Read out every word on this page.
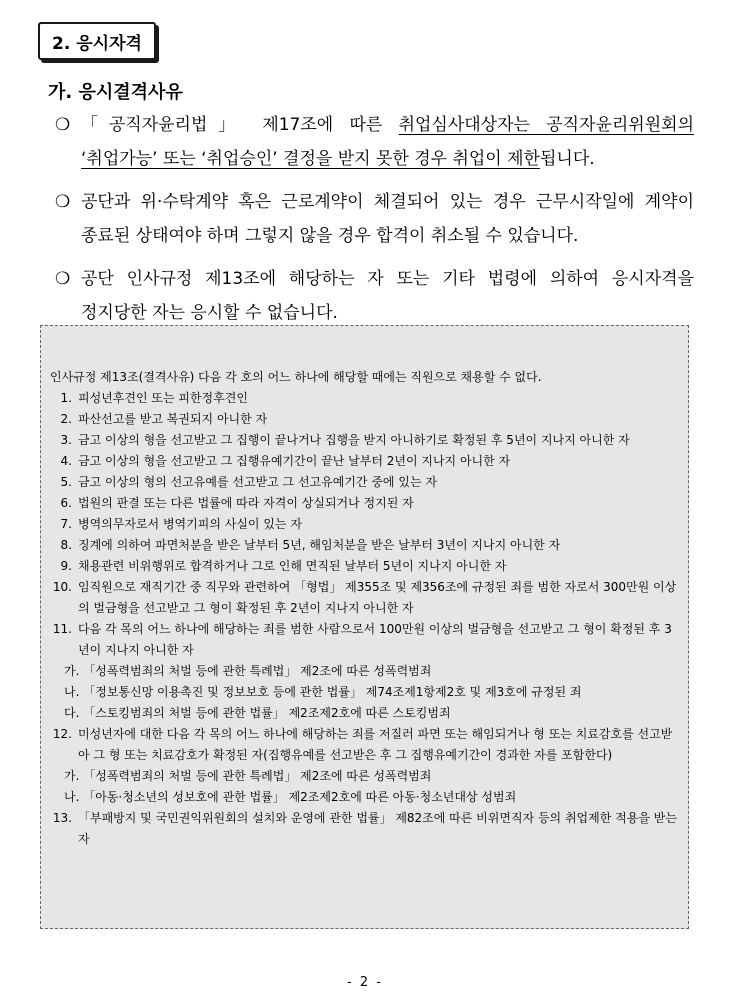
2. 응시자격
가. 응시결격사유
❍ 「공직자윤리법」 제17조에 따른 취업심사대상자는 공직자윤리위원회의 ‘취업가능’ 또는 ‘취업승인’ 결정을 받지 못한 경우 취업이 제한됩니다.
❍ 공단과 위·수탁계약 혹은 근로계약이 체결되어 있는 경우 근무시작일에 계약이 종료된 상태여야 하며 그렇지 않을 경우 합격이 취소될 수 있습니다.
❍ 공단 인사규정 제13조에 해당하는 자 또는 기타 법령에 의하여 응시자격을 정지당한 자는 응시할 수 없습니다.
인사규정 제13조(결격사유) 다음 각 호의 어느 하나에 해당할 때에는 직원으로 채용할 수 없다.
1. 피성년후견인 또는 피한정후견인
2. 파산선고를 받고 복권되지 아니한 자
3. 금고 이상의 형을 선고받고 그 집행이 끝나거나 집행을 받지 아니하기로 확정된 후 5년이 지나지 아니한 자
4. 금고 이상의 형을 선고받고 그 집행유예기간이 끝난 날부터 2년이 지나지 아니한 자
5. 금고 이상의 형의 선고유예를 선고받고 그 선고유예기간 중에 있는 자
6. 법원의 판결 또는 다른 법률에 따라 자격이 상실되거나 정지된 자
7. 병역의무자로서 병역기피의 사실이 있는 자
8. 징계에 의하여 파면처분을 받은 날부터 5년, 해임처분을 받은 날부터 3년이 지나지 아니한 자
9. 채용관련 비위행위로 합격하거나 그로 인해 면직된 날부터 5년이 지나지 아니한 자
10. 임직원으로 재직기간 중 직무와 관련하여 「형법」 제355조 및 제356조에 규정된 죄를 범한 자로서 300만원 이상의 벌금형을 선고받고 그 형이 확정된 후 2년이 지나지 아니한 자
11. 다음 각 목의 어느 하나에 해당하는 죄를 범한 사람으로서 100만원 이상의 벌금형을 선고받고 그 형이 확정된 후 3년이 지나지 아니한 자
가. 「성폭력범죄의 처벌 등에 관한 특례법」 제2조에 따른 성폭력범죄
나. 「정보통신망 이용촉진 및 정보보호 등에 관한 법률」 제74조제1항제2호 및 제3호에 규정된 죄
다. 「스토킹범죄의 처벌 등에 관한 법률」 제2조제2호에 따른 스토킹범죄
12. 미성년자에 대한 다음 각 목의 어느 하나에 해당하는 죄를 저질러 파면 또는 해임되거나 형 또는 치료감호를 선고받아 그 형 또는 치료감호가 확정된 자(집행유예를 선고받은 후 그 집행유예기간이 경과한 자를 포함한다)
가. 「성폭력범죄의 처벌 등에 관한 특례법」 제2조에 따른 성폭력범죄
나. 「아동·청소년의 성보호에 관한 법률」 제2조제2호에 따른 아동·청소년대상 성범죄
13. 「부패방지 및 국민권익위원회의 설치와 운영에 관한 법률」 제82조에 따른 비위면직자 등의 취업제한 적용을 받는 자
- 2 -
